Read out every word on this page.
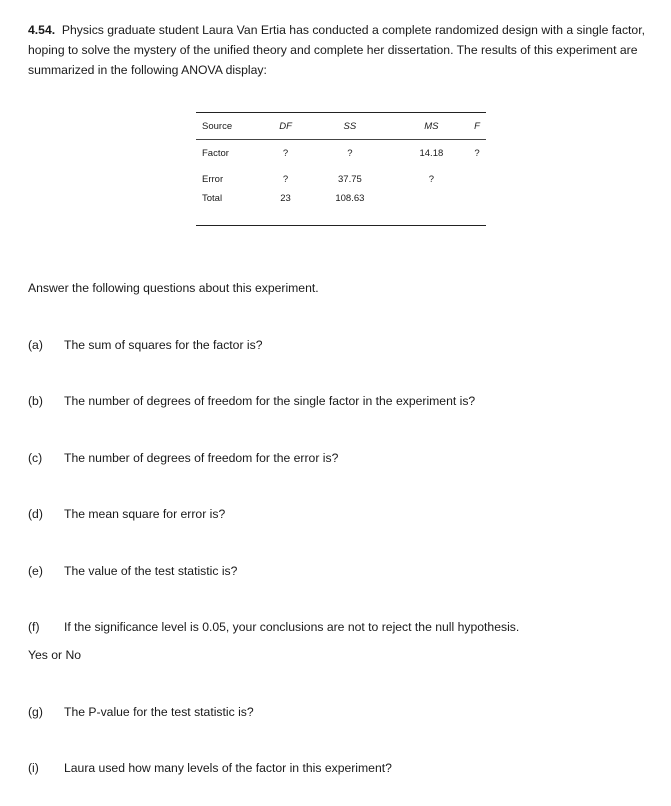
4.54. Physics graduate student Laura Van Ertia has conducted a complete randomized design with a single factor, hoping to solve the mystery of the unified theory and complete her dissertation. The results of this experiment are summarized in the following ANOVA display:
Source	DF	SS	MS	F
Factor	?	?	14.18	?
Error	?	37.75	?	
Total	23	108.63		
Answer the following questions about this experiment.
(a) The sum of squares for the factor is?
(b) The number of degrees of freedom for the single factor in the experiment is?
(c) The number of degrees of freedom for the error is?
(d) The mean square for error is?
(e) The value of the test statistic is?
(f) If the significance level is 0.05, your conclusions are not to reject the null hypothesis.
Yes or No
(g) The P-value for the test statistic is?
(i) Laura used how many levels of the factor in this experiment?
